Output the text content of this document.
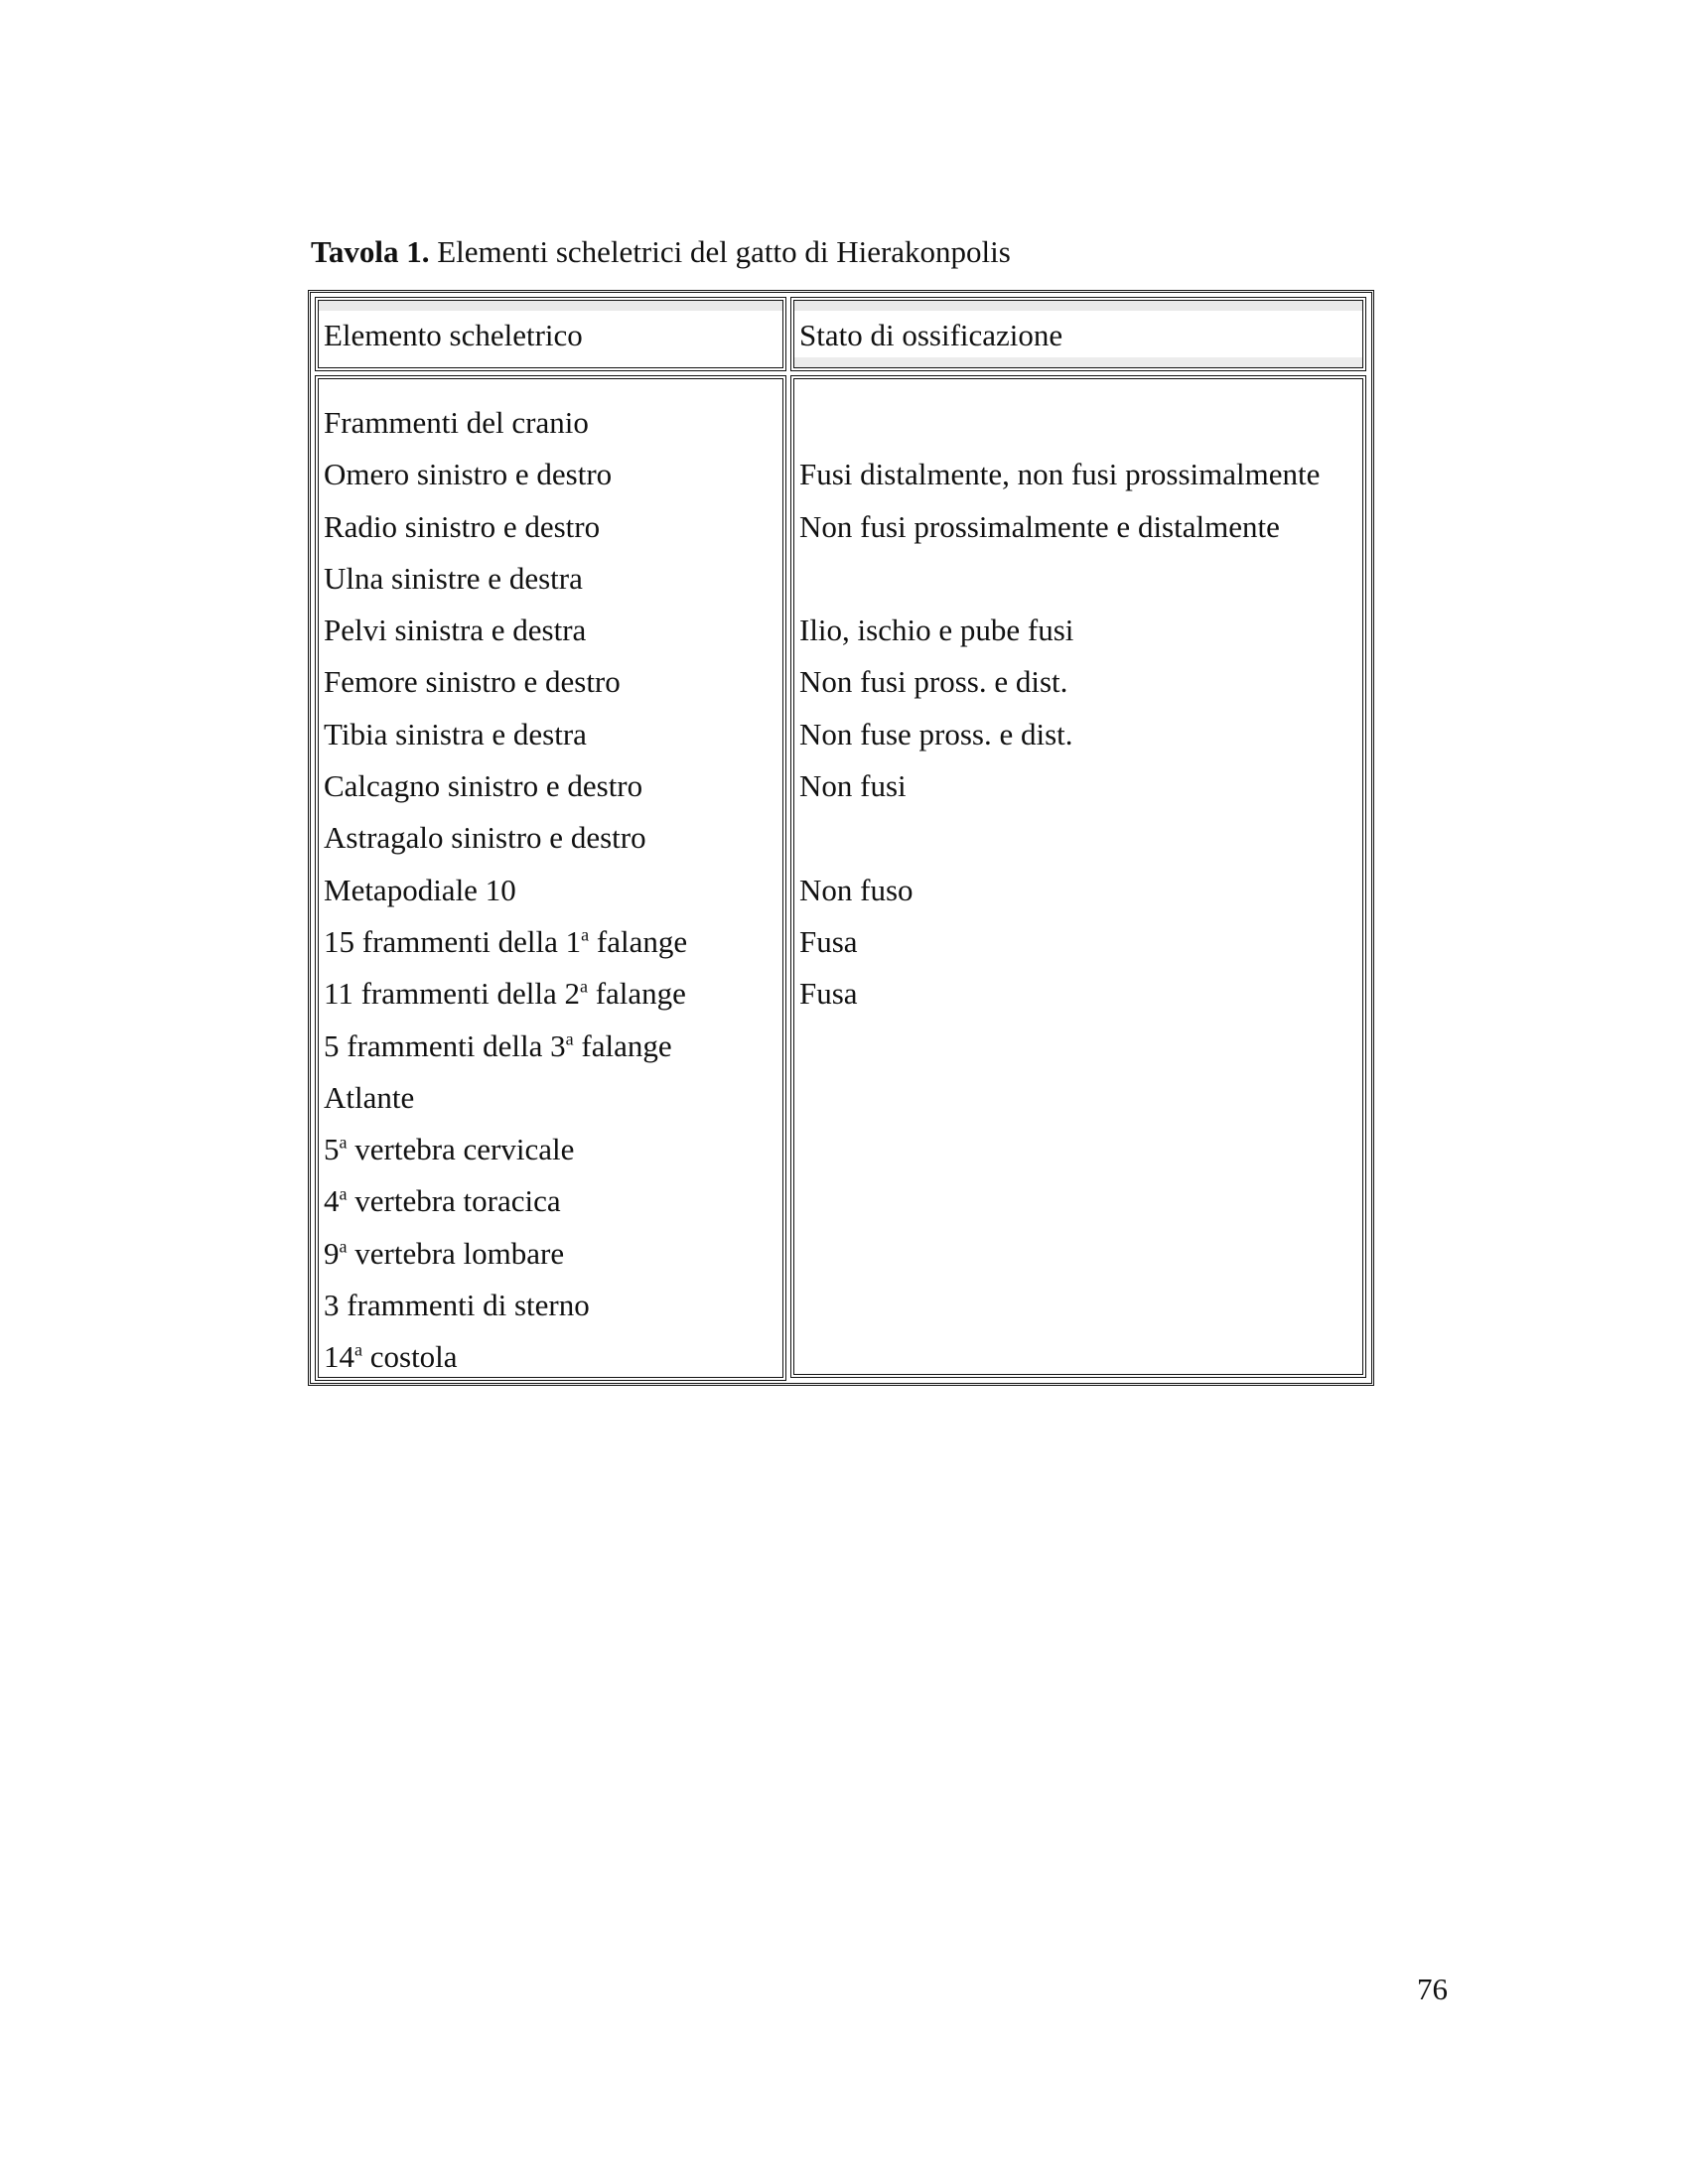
Tavola 1. Elementi scheletrici del gatto di Hierakonpolis
Elemento scheletrico	Stato di ossificazione
Frammenti del cranio
Omero sinistro e destro
Radio sinistro e destro
Ulna sinistre e destra
Pelvi sinistra e destra
Femore sinistro e destro
Tibia sinistra e destra
Calcagno sinistro e destro
Astragalo sinistro e destro
Metapodiale 10
15 frammenti della 1$^a$ falange
11 frammenti della 2$^a$ falange
5 frammenti della 3$^a$ falange
Atlante
5$^a$ vertebra cervicale
4$^a$ vertebra toracica
9$^a$ vertebra lombare
3 frammenti di sterno
14$^a$ costola
Fusi distalmente, non fusi prossimalmente
Non fusi prossimalmente e distalmente
Ilio, ischio e pube fusi
Non fusi pross. e dist.
Non fuse pross. e dist.
Non fusi
Non fuso
Fusa
Fusa
76
